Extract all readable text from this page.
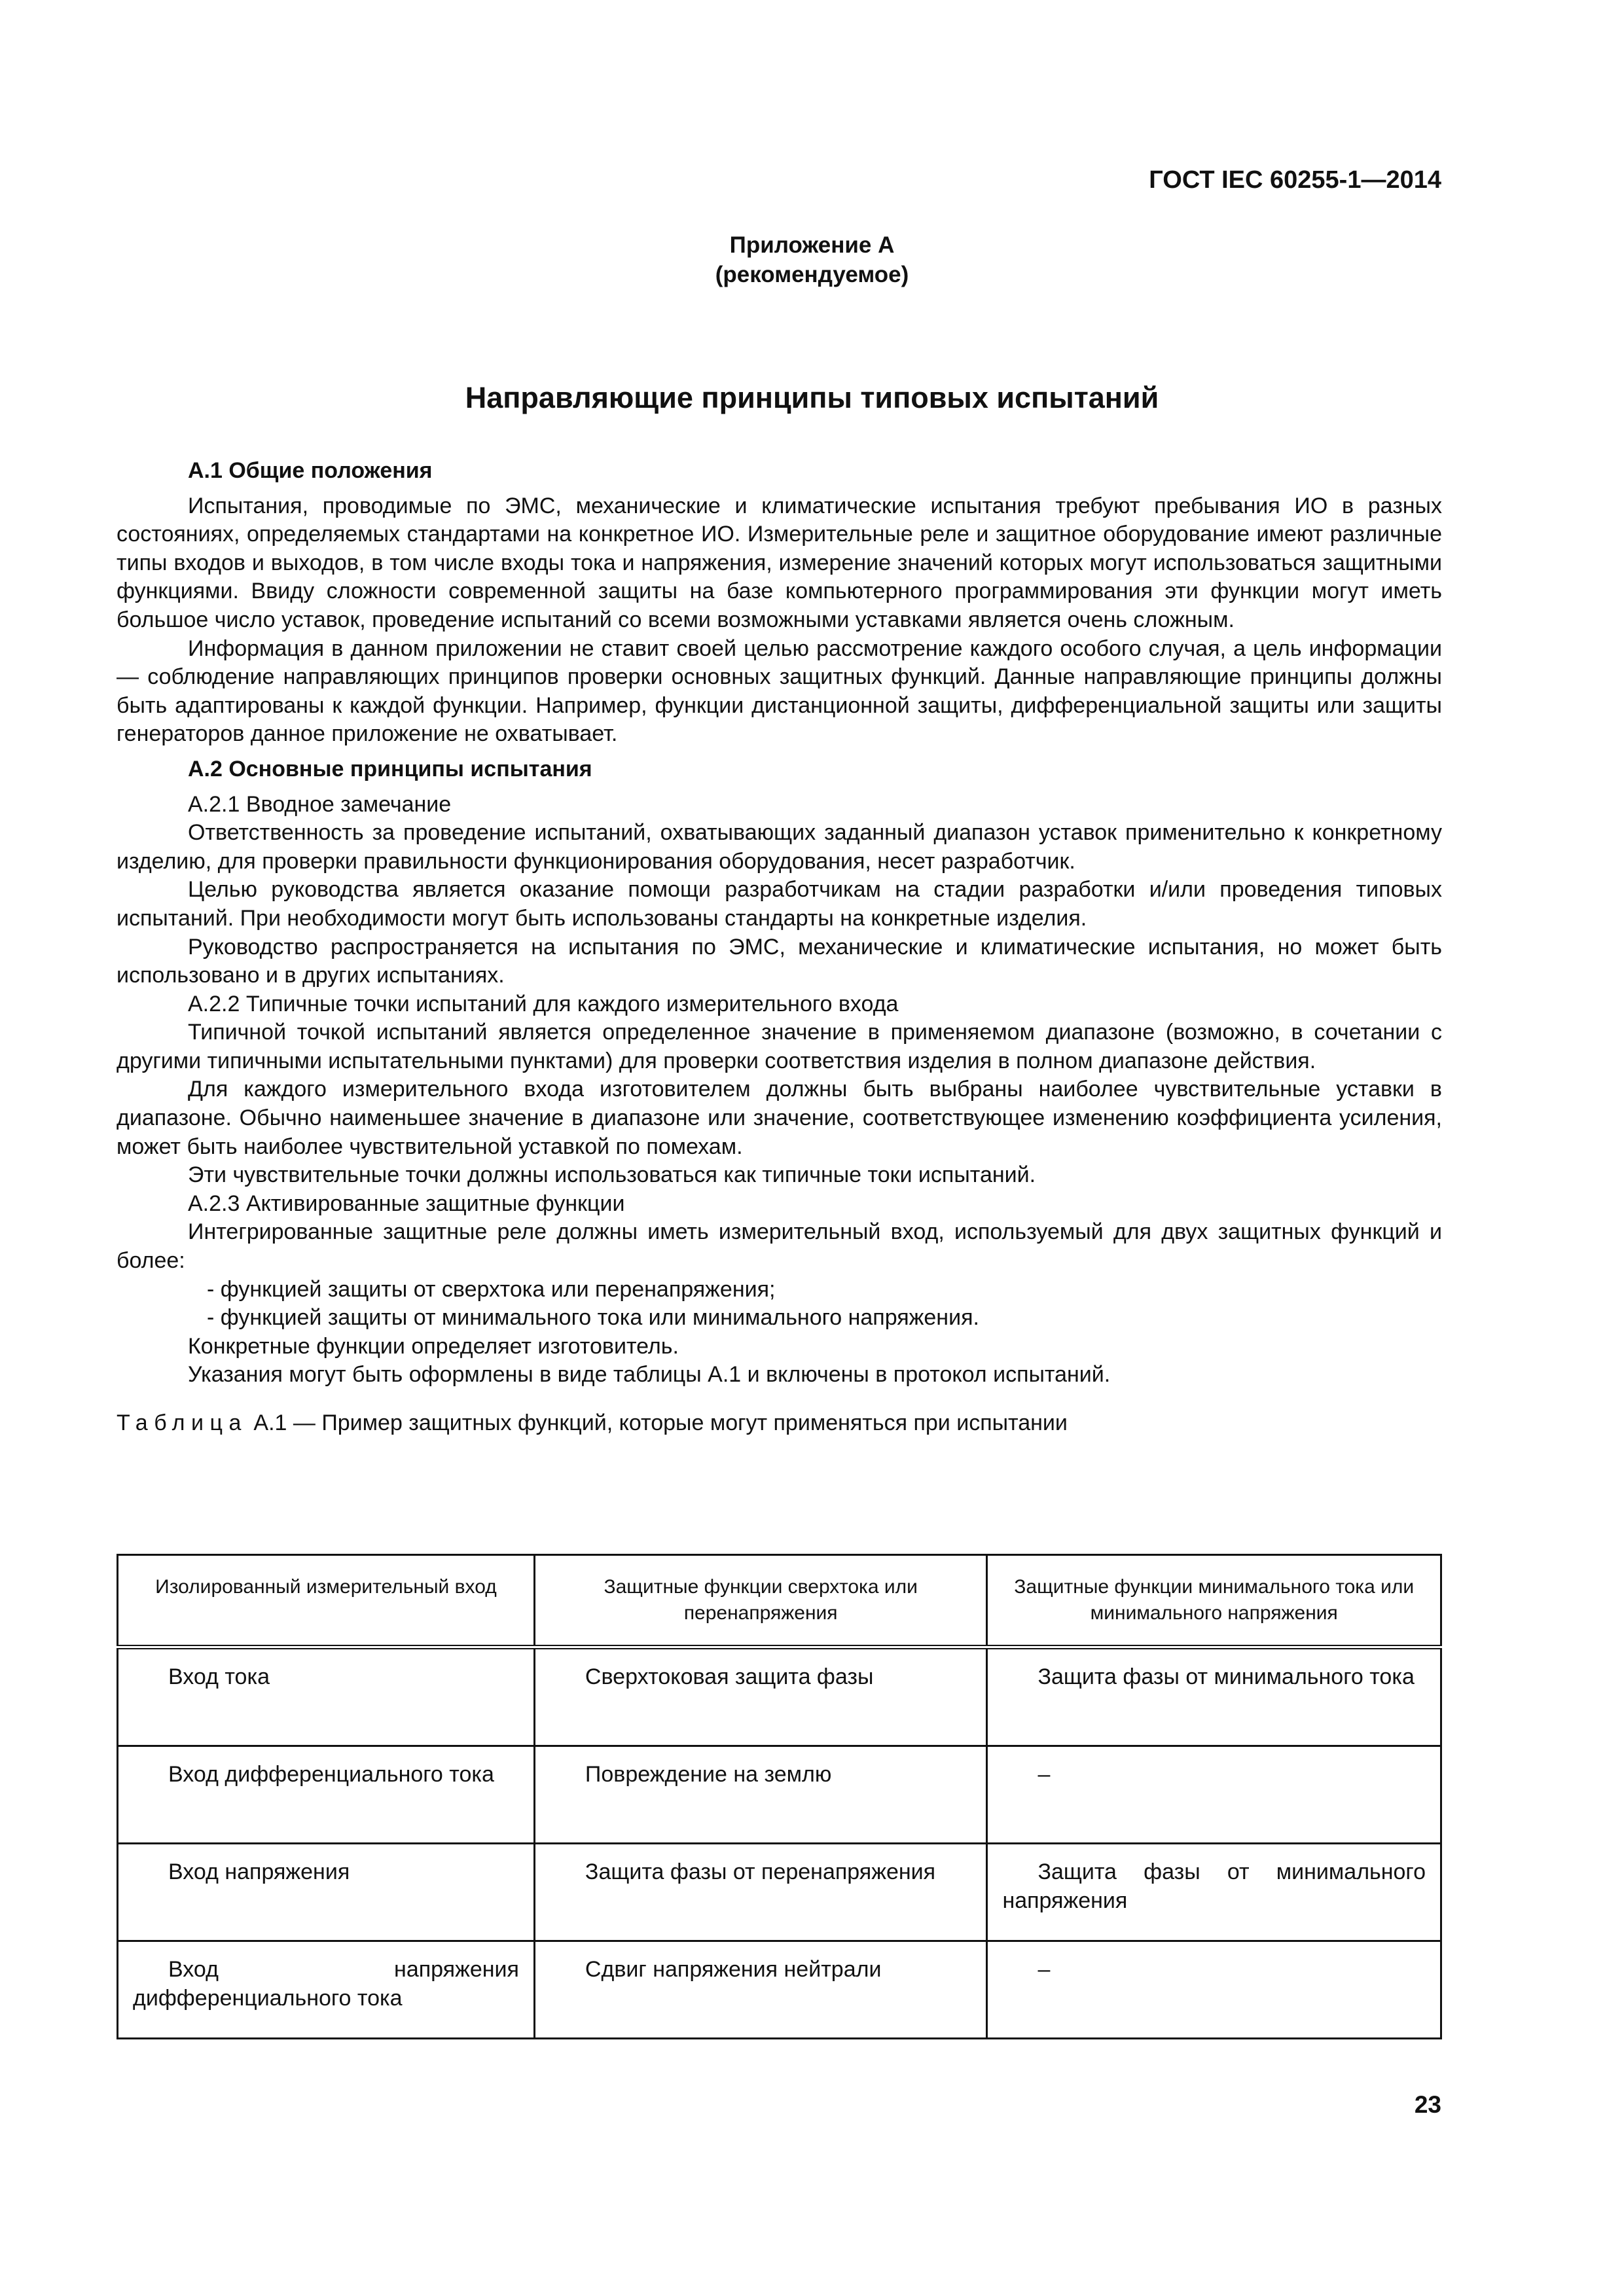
ГОСТ IEC 60255-1—2014
Приложение А
(рекомендуемое)
Направляющие принципы типовых испытаний

А.1 Общие положения

Испытания, проводимые по ЭМС, механические и климатические испытания требуют пребывания ИО в разных состояниях, определяемых стандартами на конкретное ИО. Измерительные реле и защитное оборудование имеют различные типы входов и выходов, в том числе входы тока и напряжения, измерение значений которых могут использоваться защитными функциями. Ввиду сложности современной защиты на базе компьютерного программирования эти функции могут иметь большое число уставок, проведение испытаний со всеми возможными уставками является очень сложным.

Информация в данном приложении не ставит своей целью рассмотрение каждого особого случая, а цель информации — соблюдение направляющих принципов проверки основных защитных функций. Данные направляющие принципы должны быть адаптированы к каждой функции. Например, функции дистанционной защиты, дифференциальной защиты или защиты генераторов данное приложение не охватывает.

А.2 Основные принципы испытания

А.2.1 Вводное замечание

Ответственность за проведение испытаний, охватывающих заданный диапазон уставок применительно к конкретному изделию, для проверки правильности функционирования оборудования, несет разработчик.

Целью руководства является оказание помощи разработчикам на стадии разработки и/или проведения типовых испытаний. При необходимости могут быть использованы стандарты на конкретные изделия.

Руководство распространяется на испытания по ЭМС, механические и климатические испытания, но может быть использовано и в других испытаниях.

А.2.2 Типичные точки испытаний для каждого измерительного входа

Типичной точкой испытаний является определенное значение в применяемом диапазоне (возможно, в сочетании с другими типичными испытательными пунктами) для проверки соответствия изделия в полном диапазоне действия.

Для каждого измерительного входа изготовителем должны быть выбраны наиболее чувствительные уставки в диапазоне. Обычно наименьшее значение в диапазоне или значение, соответствующее изменению коэффициента усиления, может быть наиболее чувствительной уставкой по помехам.

Эти чувствительные точки должны использоваться как типичные токи испытаний.

А.2.3 Активированные защитные функции

Интегрированные защитные реле должны иметь измерительный вход, используемый для двух защитных функций и более:

- функцией защиты от сверхтока или перенапряжения;

- функцией защиты от минимального тока или минимального напряжения.

Конкретные функции определяет изготовитель.

Указания могут быть оформлены в виде таблицы А.1 и включены в протокол испытаний.

Таблица А.1 — Пример защитных функций, которые могут применяться при испытании

Изолированный измерительный вход	Защитные функции сверхтока или перенапряжения	Защитные функции минимального тока или минимального напряжения

Вход тока	Сверхтоковая защита фазы	Защита фазы от минимального тока

Вход дифференциального тока	Повреждение на землю	–

Вход напряжения	Защита фазы от перенапряжения	Защита фазы от минимального напряжения

Вход напряжения дифференциального тока	Сдвиг напряжения нейтрали	–
23
